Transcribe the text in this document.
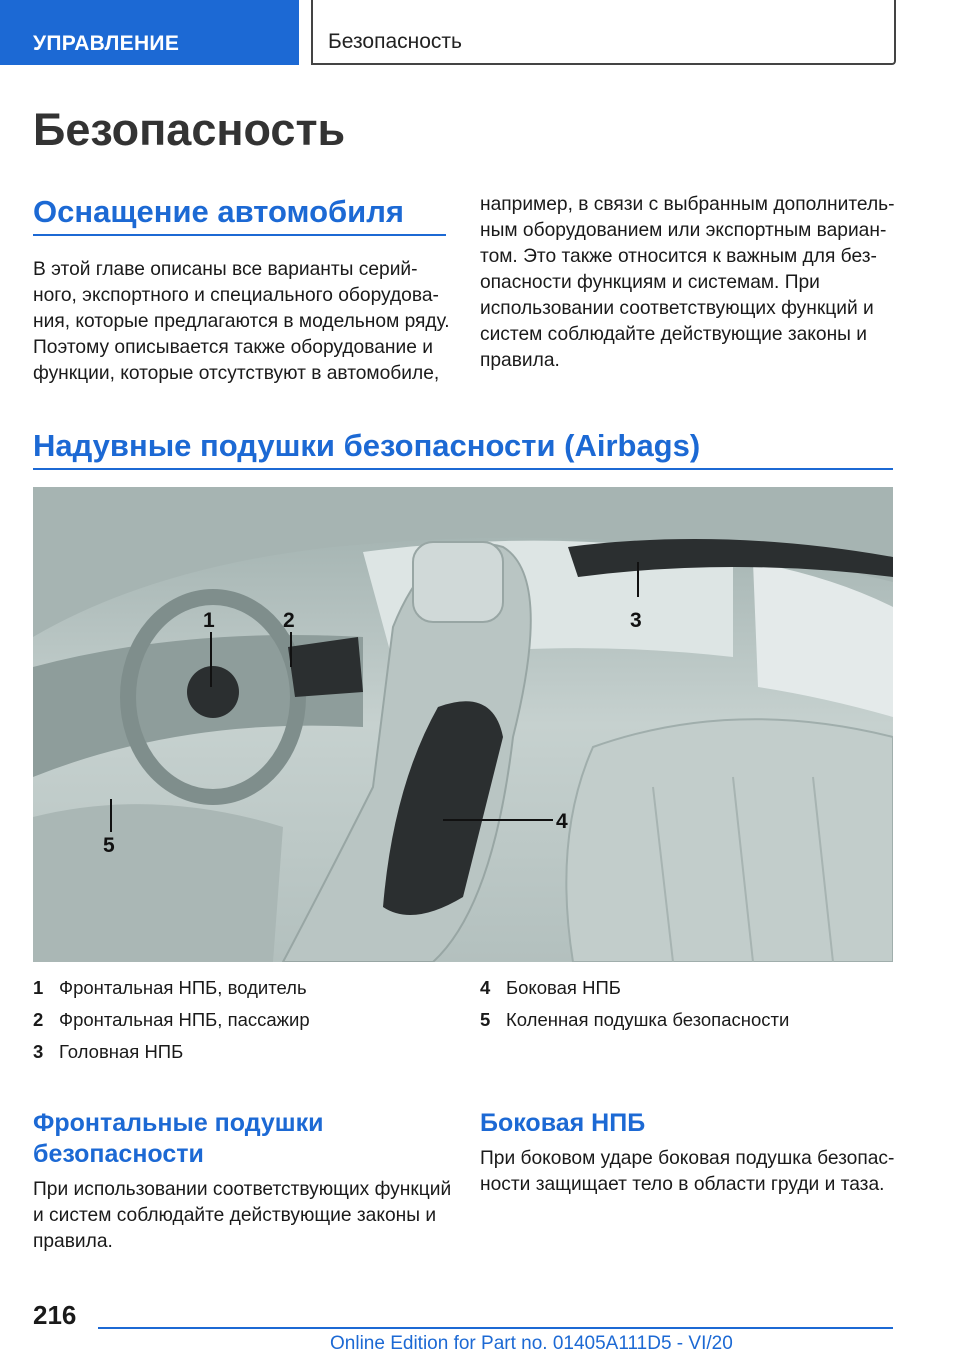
УПРАВЛЕНИЕ	Безопасность
Безопасность
Оснащение автомобиля
В этой главе описаны все варианты серий-
ного, экспортного и специального оборудова-
ния, которые предлагаются в модельном ряду.
Поэтому описывается также оборудование и
функции, которые отсутствуют в автомобиле,
например, в связи с выбранным дополнитель-
ным оборудованием или экспортным вариан-
том. Это также относится к важным для без-
опасности функциям и системам. При
использовании соответствующих функций и
систем соблюдайте действующие законы и
правила.
Надувные подушки безопасности (Airbags)
1	2	3
4
5
1 Фронтальная НПБ, водитель
2 Фронтальная НПБ, пассажир
3 Головная НПБ
4 Боковая НПБ
5 Коленная подушка безопасности
Фронтальные подушки
безопасности
При использовании соответствующих функций
и систем соблюдайте действующие законы и
правила.
Боковая НПБ
При боковом ударе боковая подушка безопас-
ности защищает тело в области груди и таза.
216
Online Edition for Part no. 01405A111D5 - VI/20
